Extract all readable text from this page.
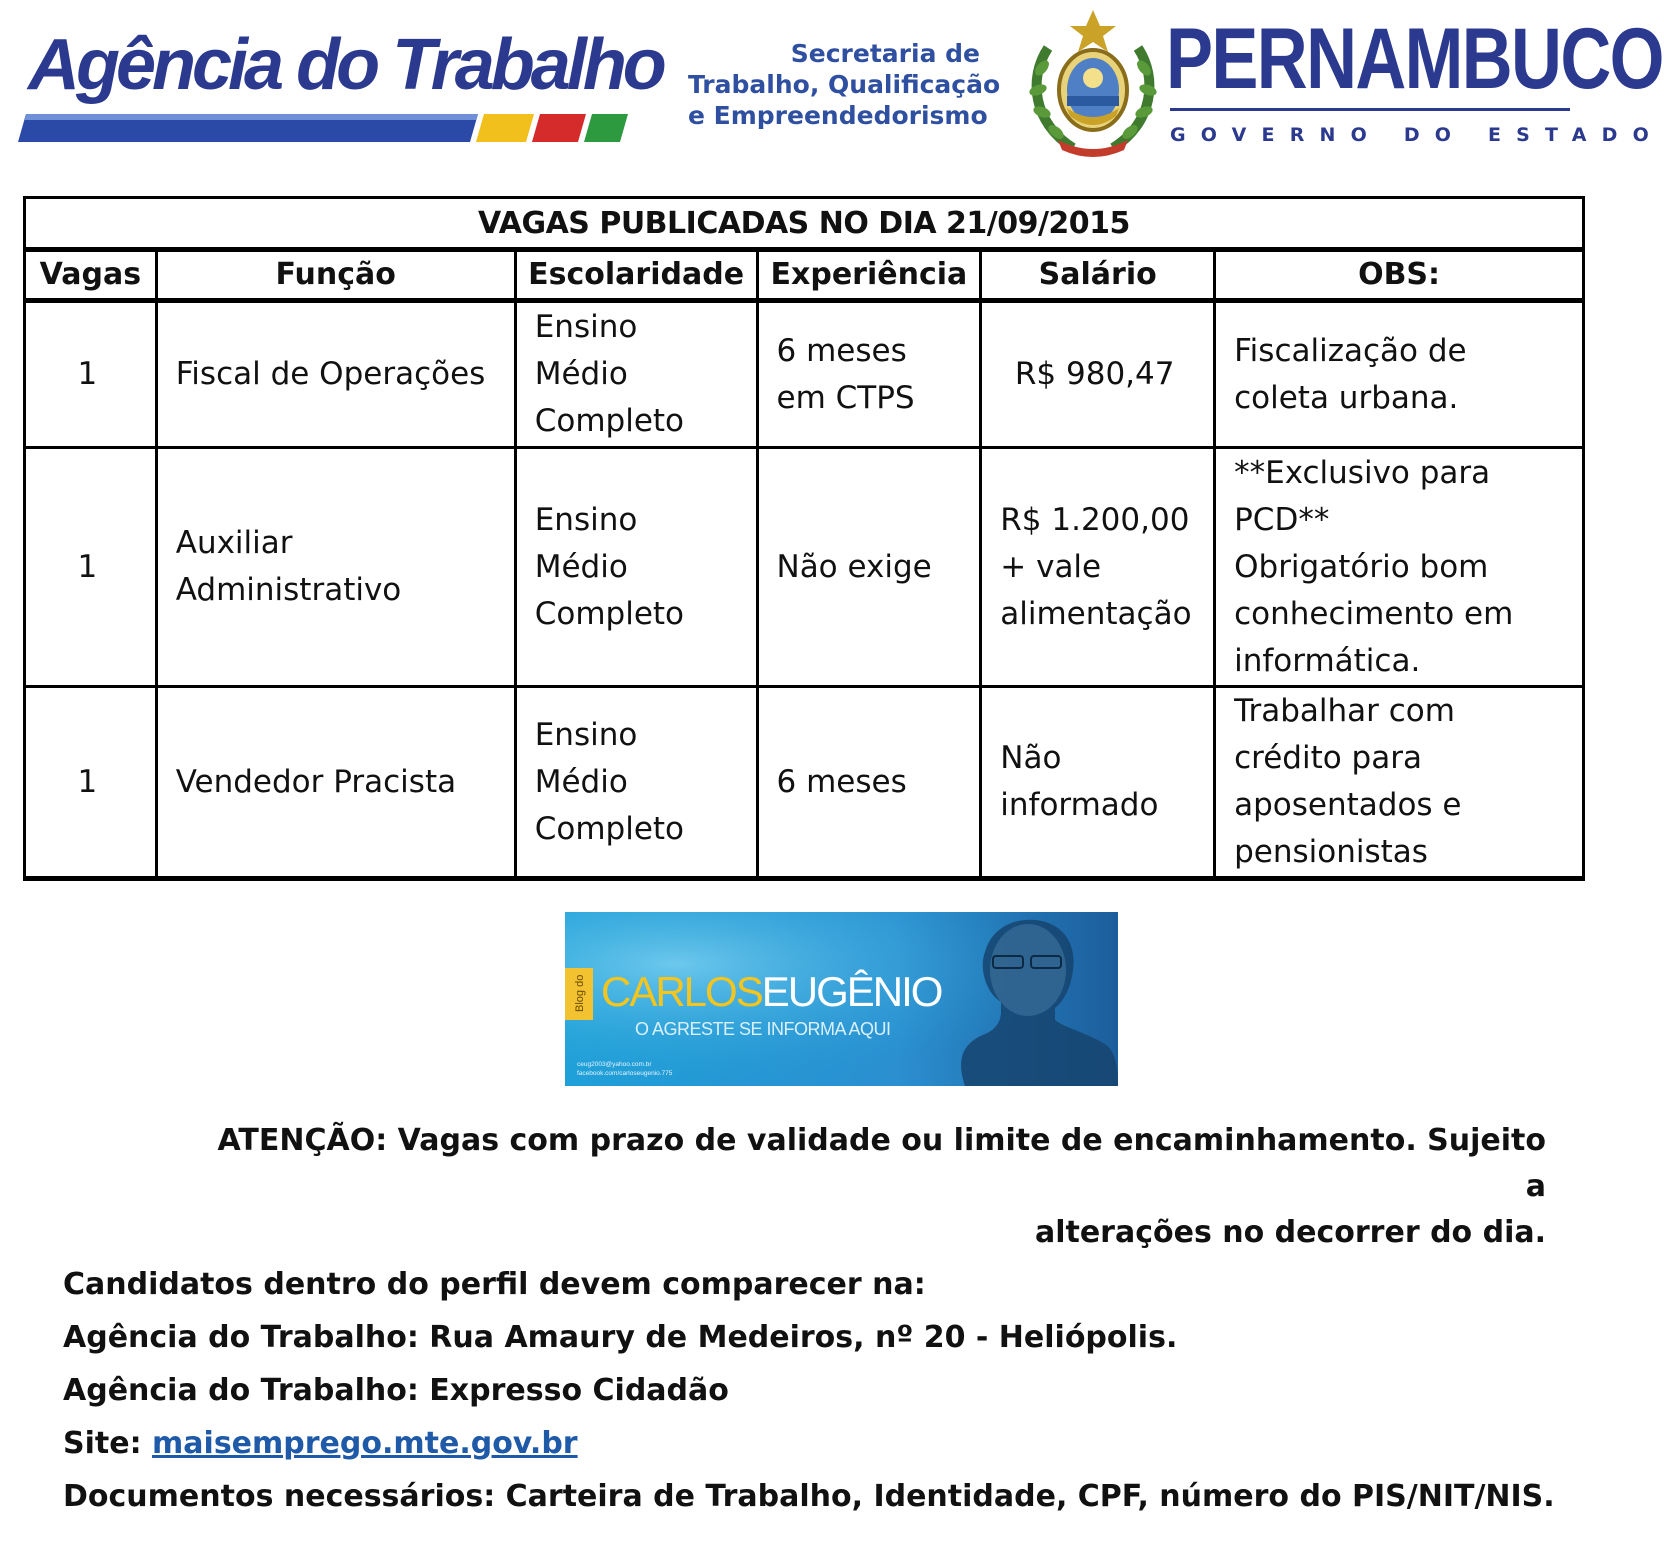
Agência do Trabalho	Secretaria de
Trabalho, Qualificação
e Empreendedorismo
PERNAMBUCO
GOVERNO DO ESTADO
VAGAS PUBLICADAS NO DIA 21/09/2015					
Vagas	Função	Escolaridade	Experiência	Salário	OBS:
1	Fiscal de Operações	Ensino
Médio
Completo	6 meses
em CTPS	R$ 980,47	Fiscalização de
coleta urbana.

1	Auxiliar
Administrativo	Ensino
Médio
Completo	Não exige	R$ 1.200,00
+ vale
alimentação	**Exclusivo para
PCD**
Obrigatório bom
conhecimento em
informática.

1	Vendedor Pracista	Ensino
Médio
Completo	6 meses	Não
informado	Trabalhar com
crédito para
aposentados e
pensionistas
Blog do CARLOSEUGÊNIO
O AGRESTE SE INFORMA AQUI
ceug2003@yahoo.com.br
facebook.com/carloseugenio.775
ATENÇÃO: Vagas com prazo de validade ou limite de encaminhamento. Sujeito a
alterações no decorrer do dia.
Candidatos dentro do perfil devem comparecer na:
Agência do Trabalho: Rua Amaury de Medeiros, nº 20 - Heliópolis.
Agência do Trabalho: Expresso Cidadão
Site: maisemprego.mte.gov.br
Documentos necessários: Carteira de Trabalho, Identidade, CPF, número do PIS/NIT/NIS.
